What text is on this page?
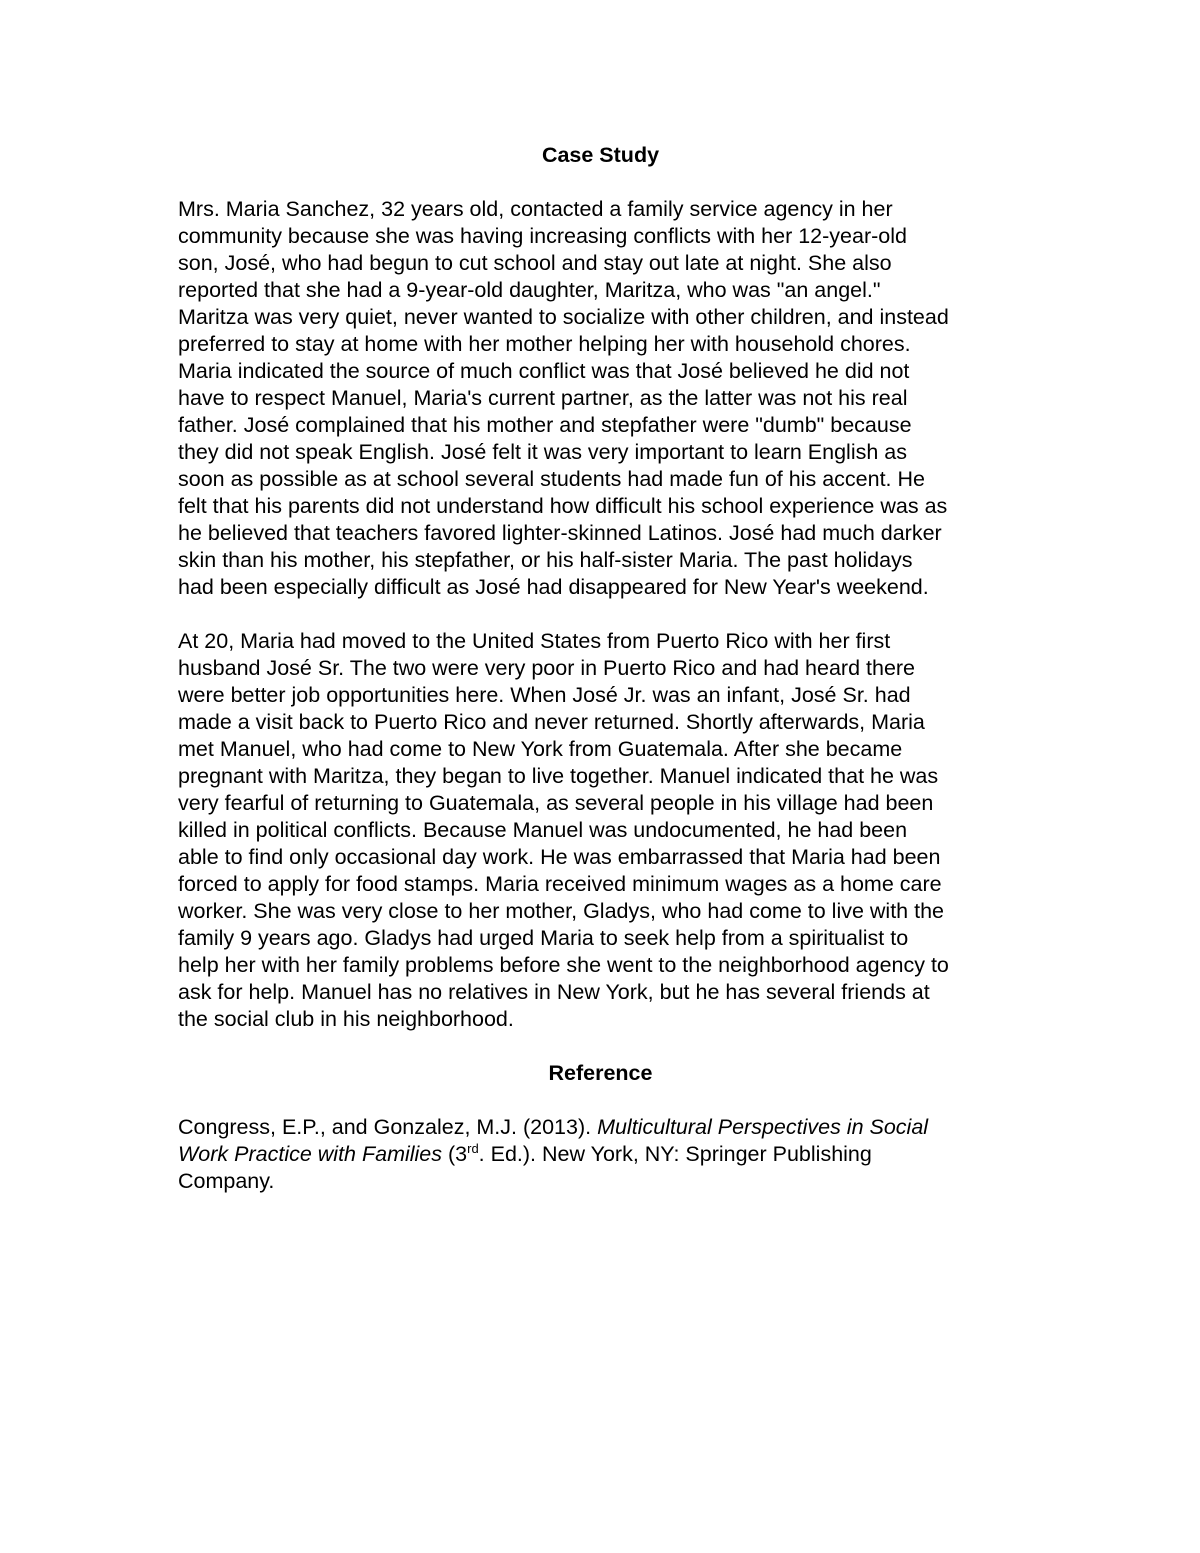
Case Study

Mrs. Maria Sanchez, 32 years old, contacted a family service agency in her
community because she was having increasing conflicts with her 12-year-old
son, José, who had begun to cut school and stay out late at night. She also
reported that she had a 9-year-old daughter, Maritza, who was "an angel."
Maritza was very quiet, never wanted to socialize with other children, and instead
preferred to stay at home with her mother helping her with household chores.
Maria indicated the source of much conflict was that José believed he did not
have to respect Manuel, Maria's current partner, as the latter was not his real
father. José complained that his mother and stepfather were "dumb" because
they did not speak English. José felt it was very important to learn English as
soon as possible as at school several students had made fun of his accent. He
felt that his parents did not understand how difficult his school experience was as
he believed that teachers favored lighter-skinned Latinos. José had much darker
skin than his mother, his stepfather, or his half-sister Maria. The past holidays
had been especially difficult as José had disappeared for New Year's weekend.

At 20, Maria had moved to the United States from Puerto Rico with her first
husband José Sr. The two were very poor in Puerto Rico and had heard there
were better job opportunities here. When José Jr. was an infant, José Sr. had
made a visit back to Puerto Rico and never returned. Shortly afterwards, Maria
met Manuel, who had come to New York from Guatemala. After she became
pregnant with Maritza, they began to live together. Manuel indicated that he was
very fearful of returning to Guatemala, as several people in his village had been
killed in political conflicts. Because Manuel was undocumented, he had been
able to find only occasional day work. He was embarrassed that Maria had been
forced to apply for food stamps. Maria received minimum wages as a home care
worker. She was very close to her mother, Gladys, who had come to live with the
family 9 years ago. Gladys had urged Maria to seek help from a spiritualist to
help her with her family problems before she went to the neighborhood agency to
ask for help. Manuel has no relatives in New York, but he has several friends at
the social club in his neighborhood.

Reference

Congress, E.P., and Gonzalez, M.J. (2013). Multicultural Perspectives in Social
Work Practice with Families (3rd. Ed.). New York, NY: Springer Publishing
Company.
